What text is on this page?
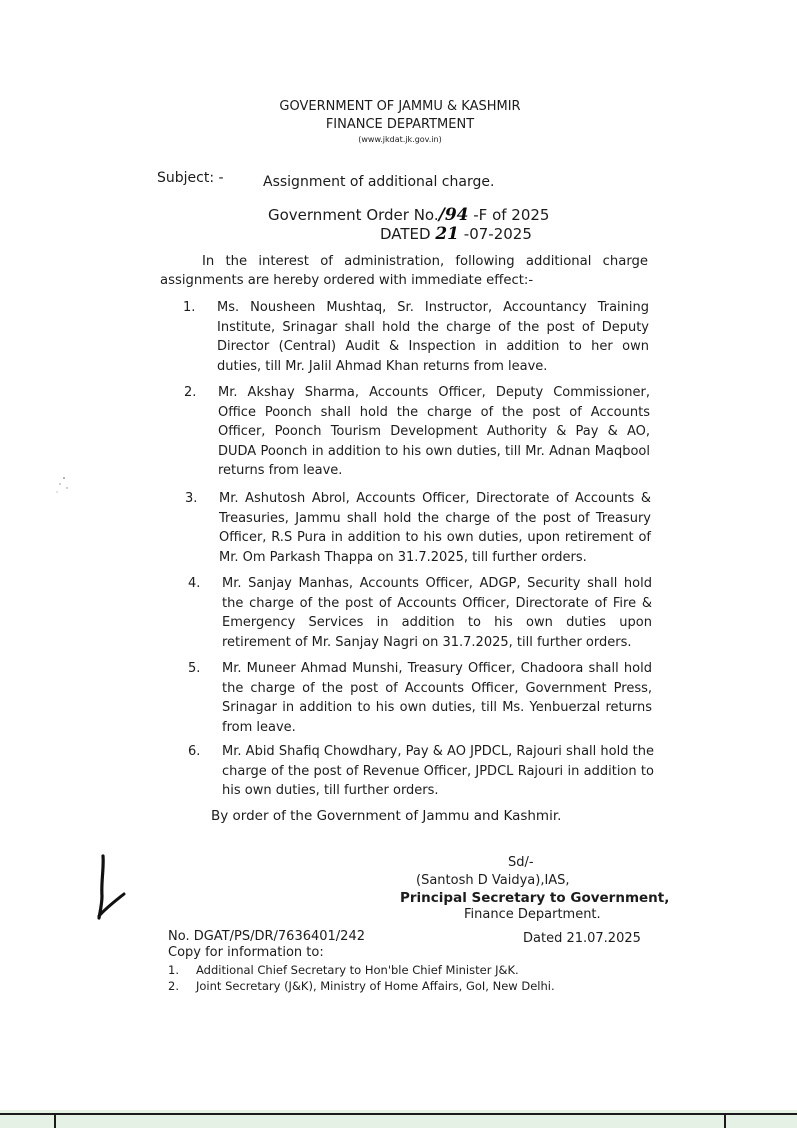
GOVERNMENT OF JAMMU & KASHMIR
FINANCE DEPARTMENT
(www.jkdat.jk.gov.in)
Subject: -	Assignment of additional charge.
Government Order No./94 -F of 2025
DATED 21 -07-2025
In the interest of administration, following additional charge assignments are hereby ordered with immediate effect:-
1. Ms. Nousheen Mushtaq, Sr. Instructor, Accountancy Training Institute, Srinagar shall hold the charge of the post of Deputy Director (Central) Audit & Inspection in addition to her own duties, till Mr. Jalil Ahmad Khan returns from leave.
2. Mr. Akshay Sharma, Accounts Officer, Deputy Commissioner, Office Poonch shall hold the charge of the post of Accounts Officer, Poonch Tourism Development Authority & Pay & AO, DUDA Poonch in addition to his own duties, till Mr. Adnan Maqbool returns from leave.
3. Mr. Ashutosh Abrol, Accounts Officer, Directorate of Accounts & Treasuries, Jammu shall hold the charge of the post of Treasury Officer, R.S Pura in addition to his own duties, upon retirement of Mr. Om Parkash Thappa on 31.7.2025, till further orders.
4. Mr. Sanjay Manhas, Accounts Officer, ADGP, Security shall hold the charge of the post of Accounts Officer, Directorate of Fire & Emergency Services in addition to his own duties upon retirement of Mr. Sanjay Nagri on 31.7.2025, till further orders.
5. Mr. Muneer Ahmad Munshi, Treasury Officer, Chadoora shall hold the charge of the post of Accounts Officer, Government Press, Srinagar in addition to his own duties, till Ms. Yenbuerzal returns from leave.
6. Mr. Abid Shafiq Chowdhary, Pay & AO JPDCL, Rajouri shall hold the charge of the post of Revenue Officer, JPDCL Rajouri in addition to his own duties, till further orders.
By order of the Government of Jammu and Kashmir.
Sd/-
(Santosh D Vaidya),IAS,
Principal Secretary to Government,
Finance Department.
No. DGAT/PS/DR/7636401/242	Dated 21.07.2025
Copy for information to:
1. Additional Chief Secretary to Hon'ble Chief Minister J&K.
2. Joint Secretary (J&K), Ministry of Home Affairs, GoI, New Delhi.
